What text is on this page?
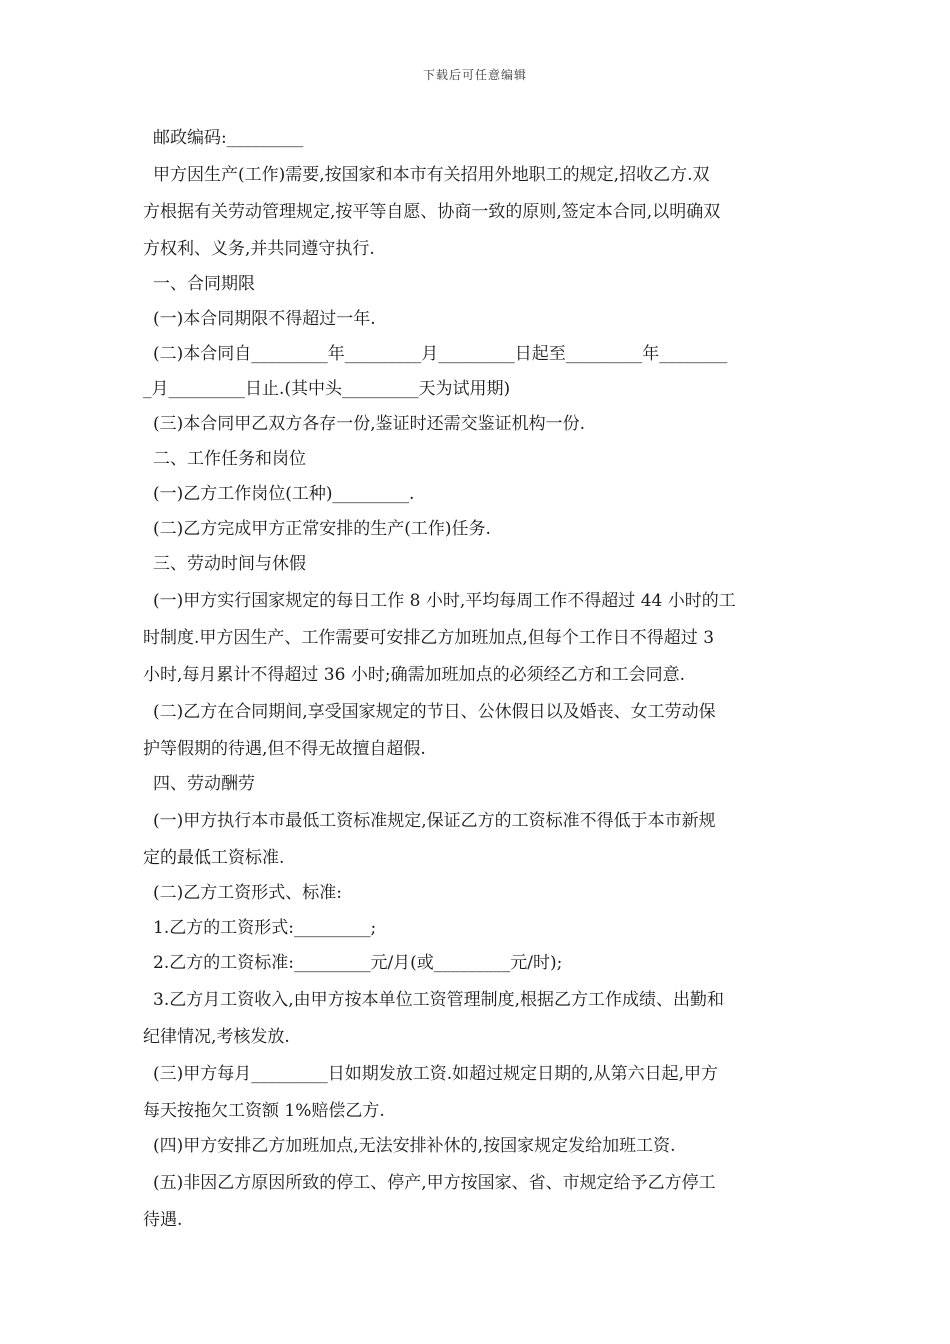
下载后可任意编辑

邮政编码:_________

甲方因生产(工作)需要,按国家和本市有关招用外地职工的规定,招收乙方.双

方根据有关劳动管理规定,按平等自愿、协商一致的原则,签定本合同,以明确双

方权利、义务,并共同遵守执行.

一、合同期限

(一)本合同期限不得超过一年.

(二)本合同自_________年_________月_________日起至_________年________

_月_________日止.(其中头_________天为试用期)

(三)本合同甲乙双方各存一份,鉴证时还需交鉴证机构一份.

二、工作任务和岗位

(一)乙方工作岗位(工种)_________.

(二)乙方完成甲方正常安排的生产(工作)任务.

三、劳动时间与休假

(一)甲方实行国家规定的每日工作 8 小时,平均每周工作不得超过 44 小时的工

时制度.甲方因生产、工作需要可安排乙方加班加点,但每个工作日不得超过 3

小时,每月累计不得超过 36 小时;确需加班加点的必须经乙方和工会同意.

(二)乙方在合同期间,享受国家规定的节日、公休假日以及婚丧、女工劳动保

护等假期的待遇,但不得无故擅自超假.

四、劳动酬劳

(一)甲方执行本市最低工资标准规定,保证乙方的工资标准不得低于本市新规

定的最低工资标准.

(二)乙方工资形式、标准:

1.乙方的工资形式:_________;

2.乙方的工资标准:_________元/月(或_________元/时);

3.乙方月工资收入,由甲方按本单位工资管理制度,根据乙方工作成绩、出勤和

纪律情况,考核发放.

(三)甲方每月_________日如期发放工资.如超过规定日期的,从第六日起,甲方

每天按拖欠工资额 1%赔偿乙方.

(四)甲方安排乙方加班加点,无法安排补休的,按国家规定发给加班工资.

(五)非因乙方原因所致的停工、停产,甲方按国家、省、市规定给予乙方停工

待遇.
